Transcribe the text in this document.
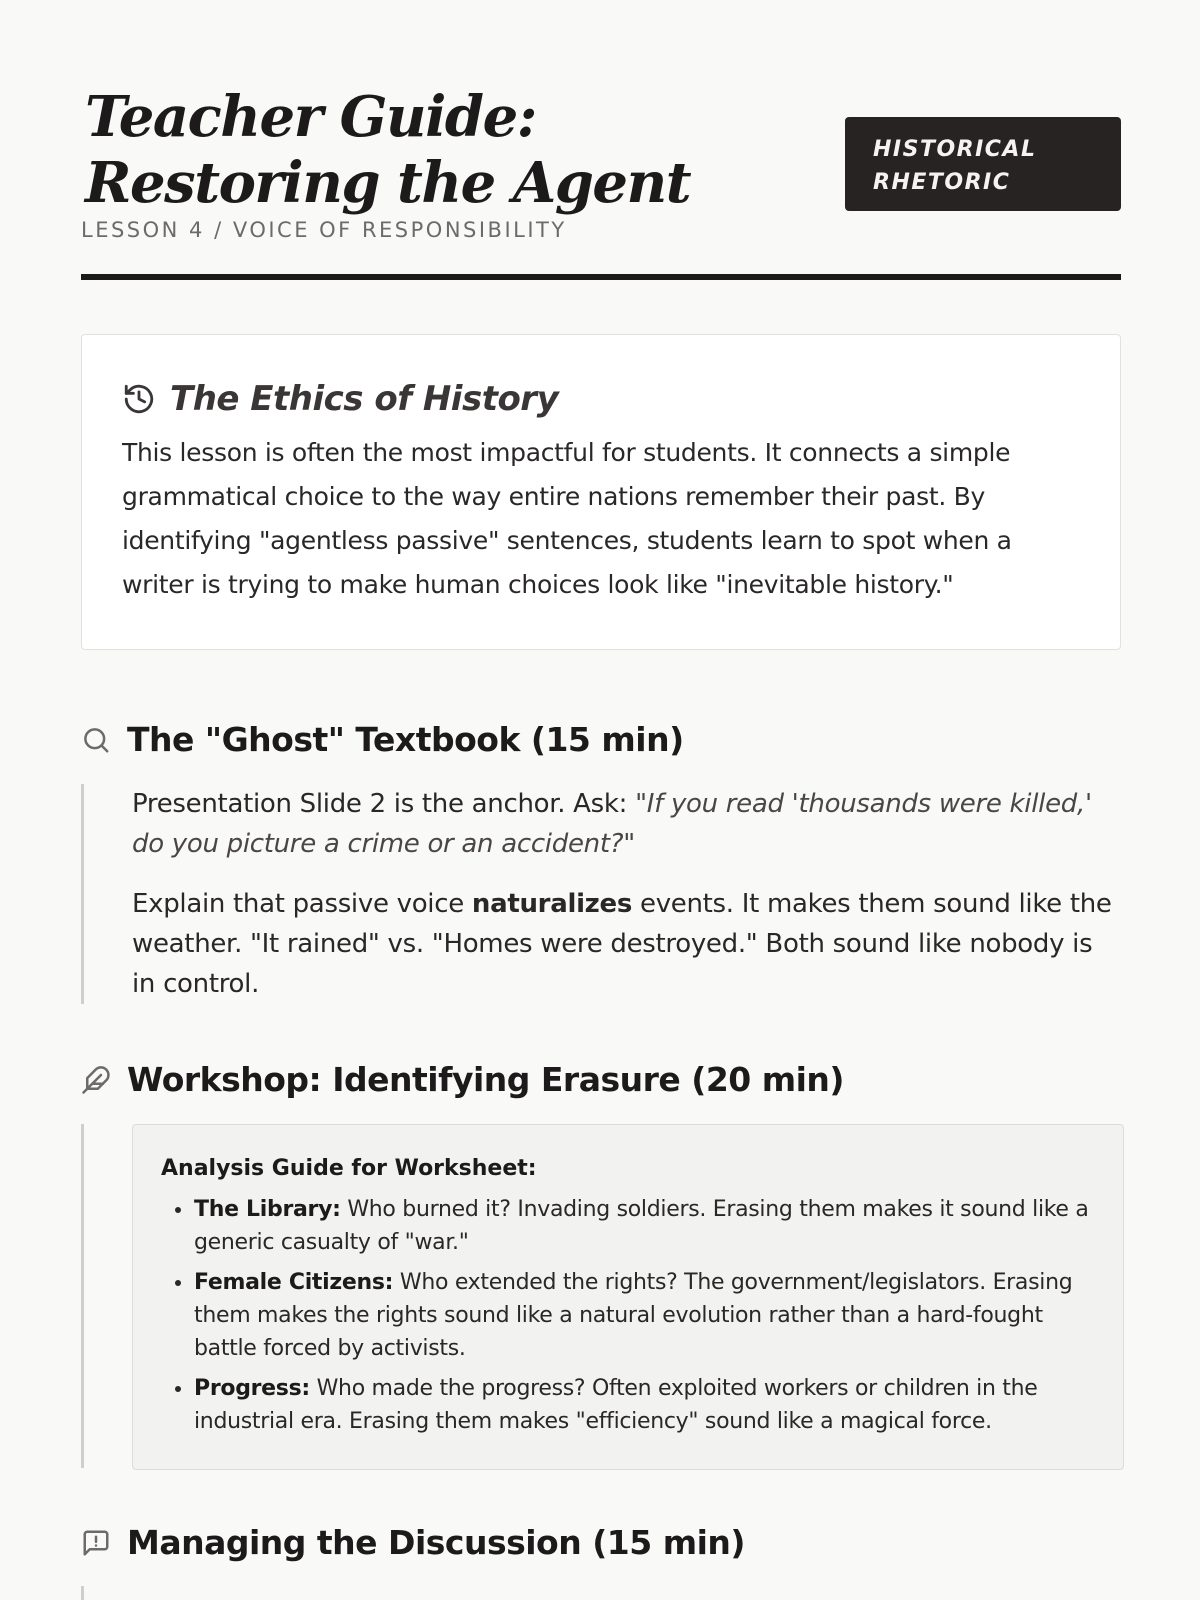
Teacher Guide: Restoring the Agent
LESSON 4 / VOICE OF RESPONSIBILITY
HISTORICAL
RHETORIC
The Ethics of History

This lesson is often the most impactful for students. It connects a simple grammatical choice to the way entire nations remember their past. By identifying "agentless passive" sentences, students learn to spot when a writer is trying to make human choices look like "inevitable history."

The "Ghost" Textbook (15 min)

Presentation Slide 2 is the anchor. Ask: "If you read 'thousands were killed,' do you picture a crime or an accident?"

Explain that passive voice naturalizes events. It makes them sound like the weather. "It rained" vs. "Homes were destroyed." Both sound like nobody is in control.

Workshop: Identifying Erasure (20 min)
Analysis Guide for Worksheet:
• The Library: Who burned it? Invading soldiers. Erasing them makes it sound like a generic casualty of "war."
• Female Citizens: Who extended the rights? The government/legislators. Erasing them makes the rights sound like a natural evolution rather than a hard-fought battle forced by activists.
• Progress: Who made the progress? Often exploited workers or children in the industrial era. Erasing them makes "efficiency" sound like a magical force.
Managing the Discussion (15 min)
